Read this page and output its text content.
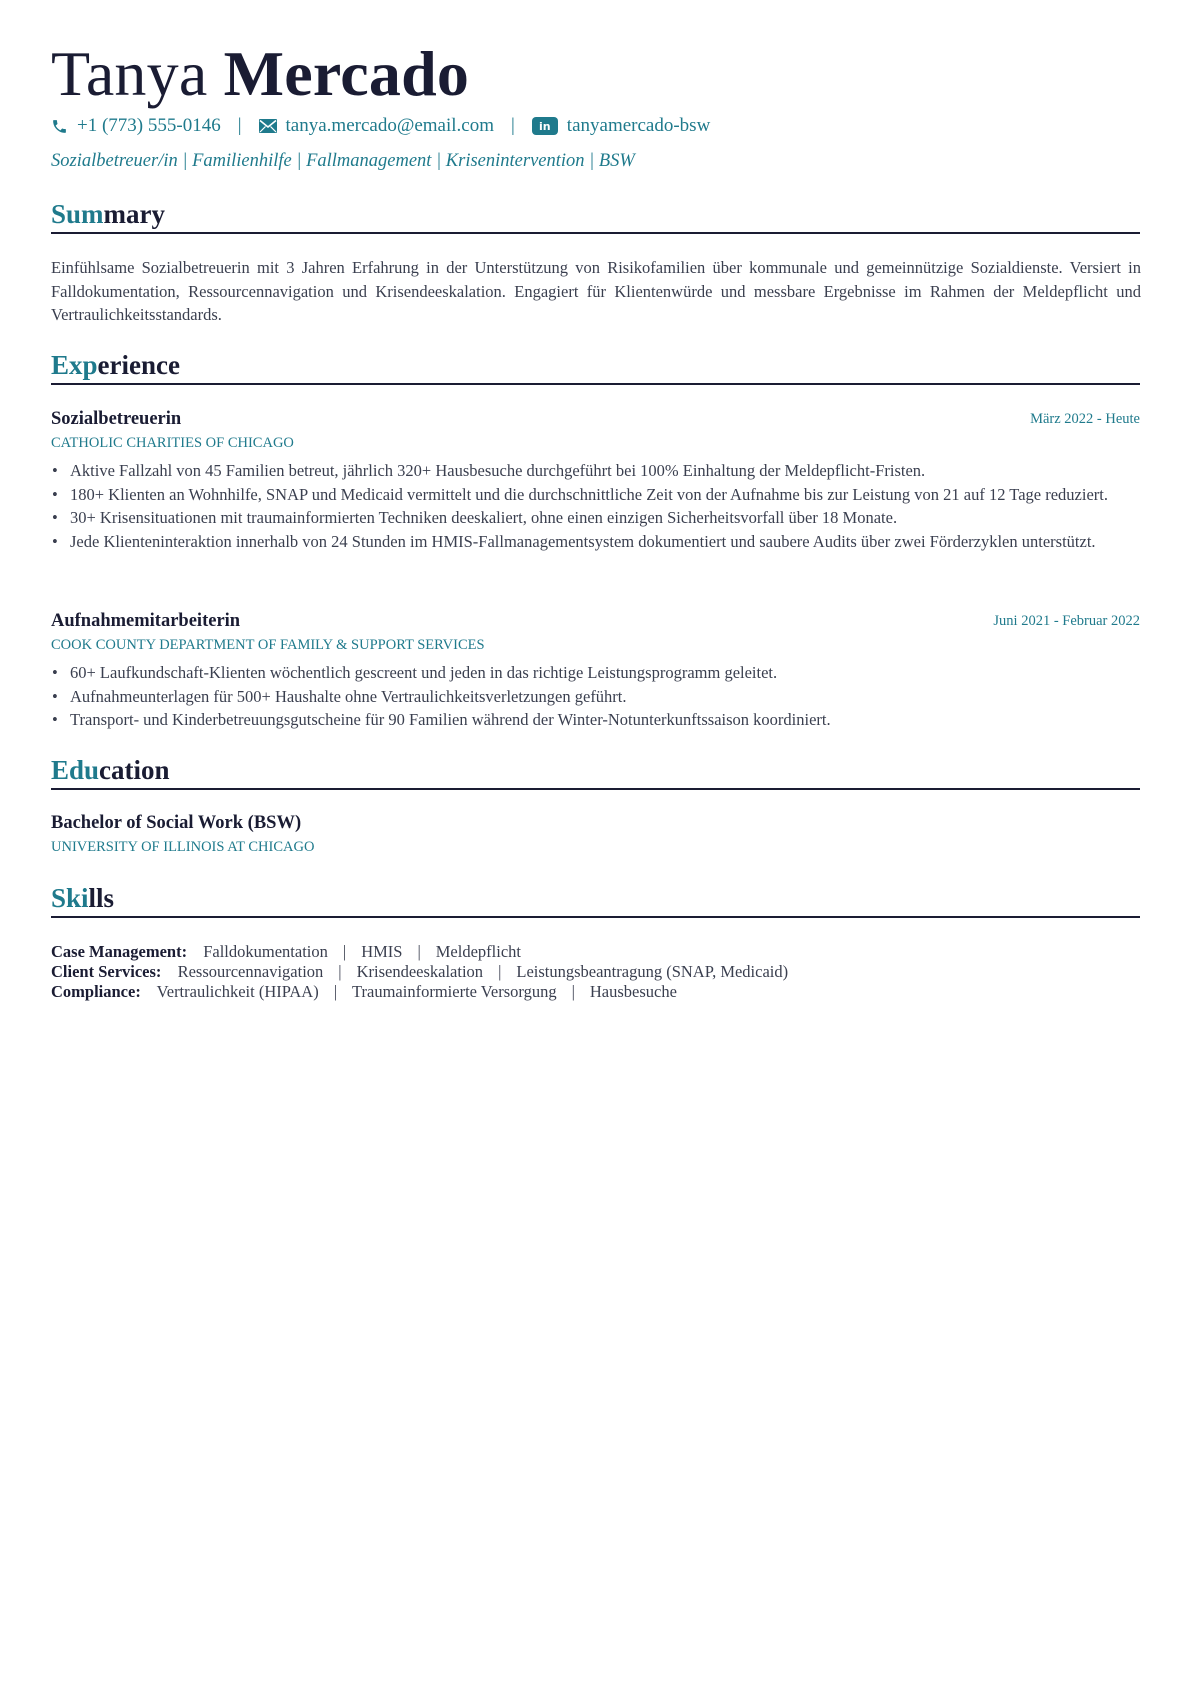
Tanya Mercado
+1 (773) 555-0146 | tanya.mercado@email.com |	in tanyamercado-bsw
Sozialbetreuer/in | Familienhilfe | Fallmanagement | Krisenintervention | BSW
Summary

Einfühlsame Sozialbetreuerin mit 3 Jahren Erfahrung in der Unterstützung von Risikofamilien über kommunale und gemeinnützige Sozialdienste. Versiert in Falldokumentation, Ressourcennavigation und Krisendeeskalation. Engagiert für Klientenwürde und messbare Ergebnisse im Rahmen der Meldepflicht und Vertraulichkeitsstandards.

Experience
Sozialbetreuerin	März 2022 - Heute
CATHOLIC CHARITIES OF CHICAGO
• Aktive Fallzahl von 45 Familien betreut, jährlich 320+ Hausbesuche durchgeführt bei 100% Einhaltung der Meldepflicht-Fristen.
• 180+ Klienten an Wohnhilfe, SNAP und Medicaid vermittelt und die durchschnittliche Zeit von der Aufnahme bis zur Leistung von 21 auf 12 Tage reduziert.
• 30+ Krisensituationen mit traumainformierten Techniken deeskaliert, ohne einen einzigen Sicherheitsvorfall über 18 Monate.
• Jede Klienteninteraktion innerhalb von 24 Stunden im HMIS-Fallmanagementsystem dokumentiert und saubere Audits über zwei Förderzyklen unterstützt.
Aufnahmemitarbeiterin	Juni 2021 - Februar 2022
COOK COUNTY DEPARTMENT OF FAMILY & SUPPORT SERVICES
• 60+ Laufkundschaft-Klienten wöchentlich gescreent und jeden in das richtige Leistungsprogramm geleitet.
• Aufnahmeunterlagen für 500+ Haushalte ohne Vertraulichkeitsverletzungen geführt.
• Transport- und Kinderbetreuungsgutscheine für 90 Familien während der Winter-Notunterkunftssaison koordiniert.
Education
Bachelor of Social Work (BSW)
UNIVERSITY OF ILLINOIS AT CHICAGO
Skills
Case Management: Falldokumentation | HMIS | Meldepflicht
Client Services: Ressourcennavigation | Krisendeeskalation | Leistungsbeantragung (SNAP, Medicaid)
Compliance: Vertraulichkeit (HIPAA) | Traumainformierte Versorgung | Hausbesuche
